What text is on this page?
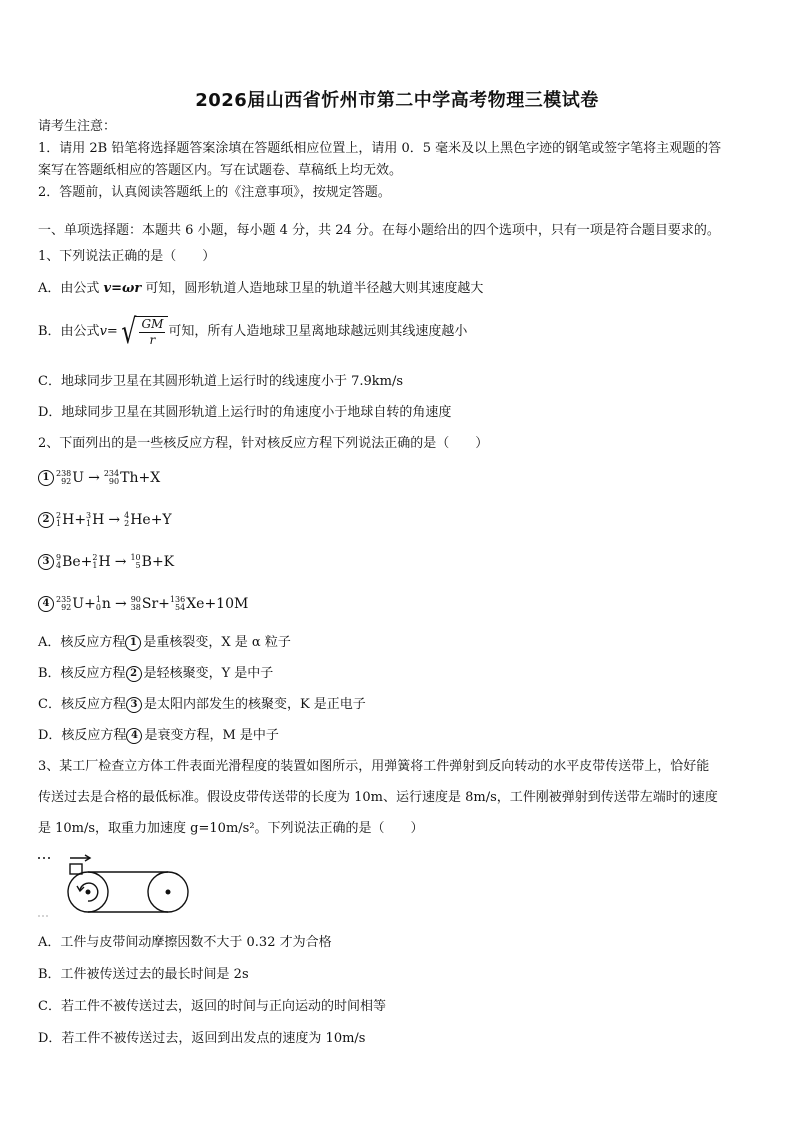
2026届山西省忻州市第二中学高考物理三模试卷
请考生注意：
1．请用 2B 铅笔将选择题答案涂填在答题纸相应位置上，请用 0．5 毫米及以上黑色字迹的钢笔或签字笔将主观题的答
案写在答题纸相应的答题区内。写在试题卷、草稿纸上均无效。
2．答题前，认真阅读答题纸上的《注意事项》，按规定答题。
一、单项选择题：本题共 6 小题，每小题 4 分，共 24 分。在每小题给出的四个选项中，只有一项是符合题目要求的。
1、下列说法正确的是（　　）
A．由公式 v=ωr 可知，圆形轨道人造地球卫星的轨道半径越大则其速度越大
B．由公式 v= √ $\frac{GM}{r}$ 可知，所有人造地球卫星离地球越远则其线速度越小
C．地球同步卫星在其圆形轨道上运行时的线速度小于 7.9km/s
D．地球同步卫星在其圆形轨道上运行时的角速度小于地球自转的角速度
2、下面列出的是一些核反应方程，针对核反应方程下列说法正确的是（　　）
1 238
92 U → 234
90 Th +X
2 2
1 H + 3
1 H → 4
2 He +Y
3 9
4 Be + 2
1 H → 10
5 B +K
4 235
92 U + 1
0 n → 90
38 Sr + 136
54 Xe +10M
A．核反应方程 1 是重核裂变，X 是 α 粒子
B．核反应方程 2 是轻核聚变，Y 是中子
C．核反应方程 3 是太阳内部发生的核聚变，K 是正电子
D．核反应方程 4 是衰变方程，M 是中子
3、某工厂检查立方体工件表面光滑程度的装置如图所示，用弹簧将工件弹射到反向转动的水平皮带传送带上，恰好能
传送过去是合格的最低标准。假设皮带传送带的长度为 10m、运行速度是 8m/s，工件刚被弹射到传送带左端时的速度
是 10m/s，取重力加速度 g=10m/s²。下列说法正确的是（　　）
A．工件与皮带间动摩擦因数不大于 0.32 才为合格
B．工件被传送过去的最长时间是 2s
C．若工件不被传送过去，返回的时间与正向运动的时间相等
D．若工件不被传送过去，返回到出发点的速度为 10m/s
